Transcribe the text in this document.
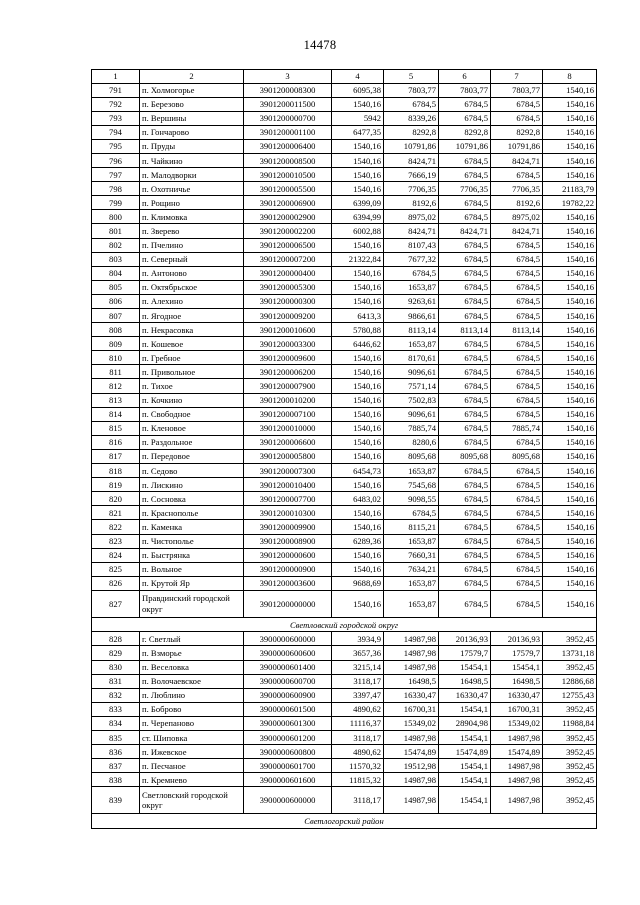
14478
1	2	3	4	5	6	7	8
791	п. Холмогорье	3901200008300	6095,38	7803,77	7803,77	7803,77	1540,16
792	п. Березово	3901200011500	1540,16	6784,5	6784,5	6784,5	1540,16
793	п. Вершины	3901200000700	5942	8339,26	6784,5	6784,5	1540,16
794	п. Гончарово	3901200001100	6477,35	8292,8	8292,8	8292,8	1540,16
795	п. Пруды	3901200006400	1540,16	10791,86	10791,86	10791,86	1540,16
796	п. Чайкино	3901200008500	1540,16	8424,71	6784,5	8424,71	1540,16
797	п. Малодворки	3901200010500	1540,16	7666,19	6784,5	6784,5	1540,16
798	п. Охотничье	3901200005500	1540,16	7706,35	7706,35	7706,35	21183,79
799	п. Рощино	3901200006900	6399,09	8192,6	6784,5	8192,6	19782,22
800	п. Климовка	3901200002900	6394,99	8975,02	6784,5	8975,02	1540,16
801	п. Зверево	3901200002200	6002,88	8424,71	8424,71	8424,71	1540,16
802	п. Пчелино	3901200006500	1540,16	8107,43	6784,5	6784,5	1540,16
803	п. Северный	3901200007200	21322,84	7677,32	6784,5	6784,5	1540,16
804	п. Антоново	3901200000400	1540,16	6784,5	6784,5	6784,5	1540,16
805	п. Октябрьское	3901200005300	1540,16	1653,87	6784,5	6784,5	1540,16
806	п. Алехино	3901200000300	1540,16	9263,61	6784,5	6784,5	1540,16
807	п. Ягодное	3901200009200	6413,3	9866,61	6784,5	6784,5	1540,16
808	п. Некрасовка	3901200010600	5780,88	8113,14	8113,14	8113,14	1540,16
809	п. Кошевое	3901200003300	6446,62	1653,87	6784,5	6784,5	1540,16
810	п. Гребное	3901200009600	1540,16	8170,61	6784,5	6784,5	1540,16
811	п. Привольное	3901200006200	1540,16	9096,61	6784,5	6784,5	1540,16
812	п. Тихое	3901200007900	1540,16	7571,14	6784,5	6784,5	1540,16
813	п. Кочкино	3901200010200	1540,16	7502,83	6784,5	6784,5	1540,16
814	п. Свободное	3901200007100	1540,16	9096,61	6784,5	6784,5	1540,16
815	п. Кленовое	3901200010000	1540,16	7885,74	6784,5	7885,74	1540,16
816	п. Раздольное	3901200006600	1540,16	8280,6	6784,5	6784,5	1540,16
817	п. Передовое	3901200005800	1540,16	8095,68	8095,68	8095,68	1540,16
818	п. Седово	3901200007300	6454,73	1653,87	6784,5	6784,5	1540,16
819	п. Лискино	3901200010400	1540,16	7545,68	6784,5	6784,5	1540,16
820	п. Сосновка	3901200007700	6483,02	9098,55	6784,5	6784,5	1540,16
821	п. Краснополье	3901200010300	1540,16	6784,5	6784,5	6784,5	1540,16
822	п. Каменка	3901200009900	1540,16	8115,21	6784,5	6784,5	1540,16
823	п. Чистополье	3901200008900	6289,36	1653,87	6784,5	6784,5	1540,16
824	п. Быстрянка	3901200000600	1540,16	7660,31	6784,5	6784,5	1540,16
825	п. Вольное	3901200000900	1540,16	7634,21	6784,5	6784,5	1540,16
826	п. Крутой Яр	3901200003600	9688,69	1653,87	6784,5	6784,5	1540,16
827	Правдинский городской округ	3901200000000	1540,16	1653,87	6784,5	6784,5	1540,16
Светловский городской округ							
828	г. Светлый	3900000600000	3934,9	14987,98	20136,93	20136,93	3952,45
829	п. Взморье	3900000600600	3657,36	14987,98	17579,7	17579,7	13731,18
830	п. Веселовка	3900000601400	3215,14	14987,98	15454,1	15454,1	3952,45
831	п. Волочаевское	3900000600700	3118,17	16498,5	16498,5	16498,5	12886,68
832	п. Люблино	3900000600900	3397,47	16330,47	16330,47	16330,47	12755,43
833	п. Боброво	3900000601500	4890,62	16700,31	15454,1	16700,31	3952,45
834	п. Черепаново	3900000601300	11116,37	15349,02	28904,98	15349,02	11988,84
835	ст. Шиповка	3900000601200	3118,17	14987,98	15454,1	14987,98	3952,45
836	п. Ижевское	3900000600800	4890,62	15474,89	15474,89	15474,89	3952,45
837	п. Песчаное	3900000601700	11570,32	19512,98	15454,1	14987,98	3952,45
838	п. Кремнево	3900000601600	11815,32	14987,98	15454,1	14987,98	3952,45
839	Светловский городской округ	3900000600000	3118,17	14987,98	15454,1	14987,98	3952,45
Светлогорский район							
